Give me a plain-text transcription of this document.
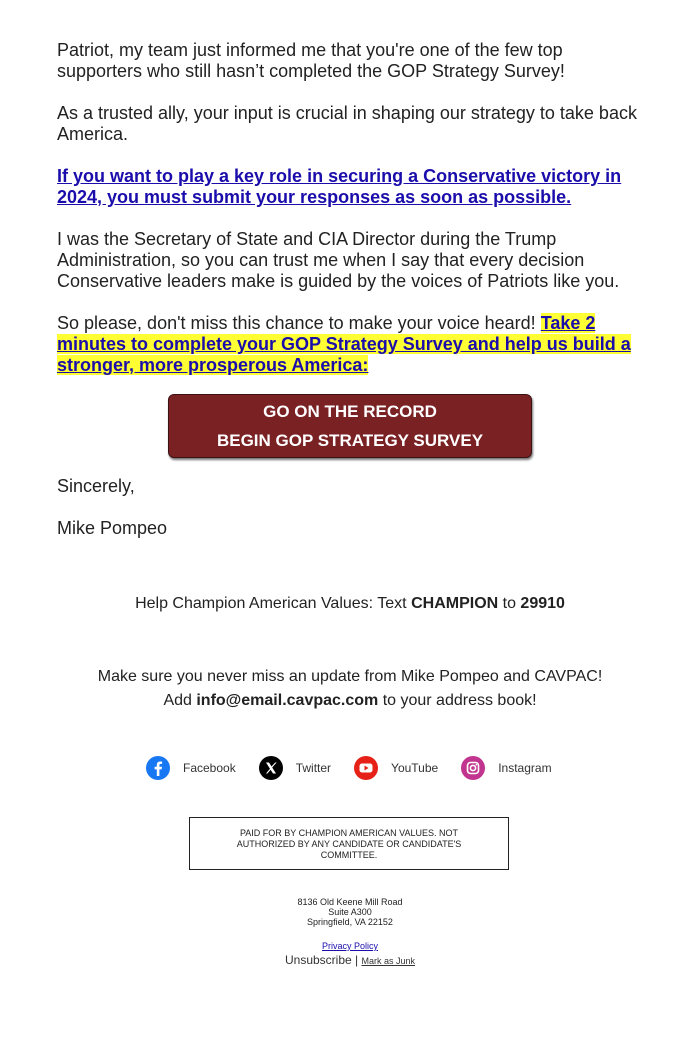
Patriot, my team just informed me that you're one of the few top supporters who still hasn’t completed the GOP Strategy Survey!

As a trusted ally, your input is crucial in shaping our strategy to take back America.

If you want to play a key role in securing a Conservative victory in 2024, you must submit your responses as soon as possible.

I was the Secretary of State and CIA Director during the Trump Administration, so you can trust me when I say that every decision Conservative leaders make is guided by the voices of Patriots like you.

So please, don't miss this chance to make your voice heard! Take 2 minutes to complete your GOP Strategy Survey and help us build a stronger, more prosperous America:

GO ON THE RECORD
BEGIN GOP STRATEGY SURVEY

Sincerely,

Mike Pompeo

Help Champion American Values: Text CHAMPION to 29910
Make sure you never miss an update from Mike Pompeo and CAVPAC!
Add info@email.cavpac.com to your address book!
Facebook	Twitter	YouTube	Instagram
PAID FOR BY CHAMPION AMERICAN VALUES. NOT AUTHORIZED BY ANY CANDIDATE OR CANDIDATE'S COMMITTEE.
8136 Old Keene Mill Road
Suite A300
Springfield, VA 22152
Privacy Policy
Unsubscribe | Mark as Junk
